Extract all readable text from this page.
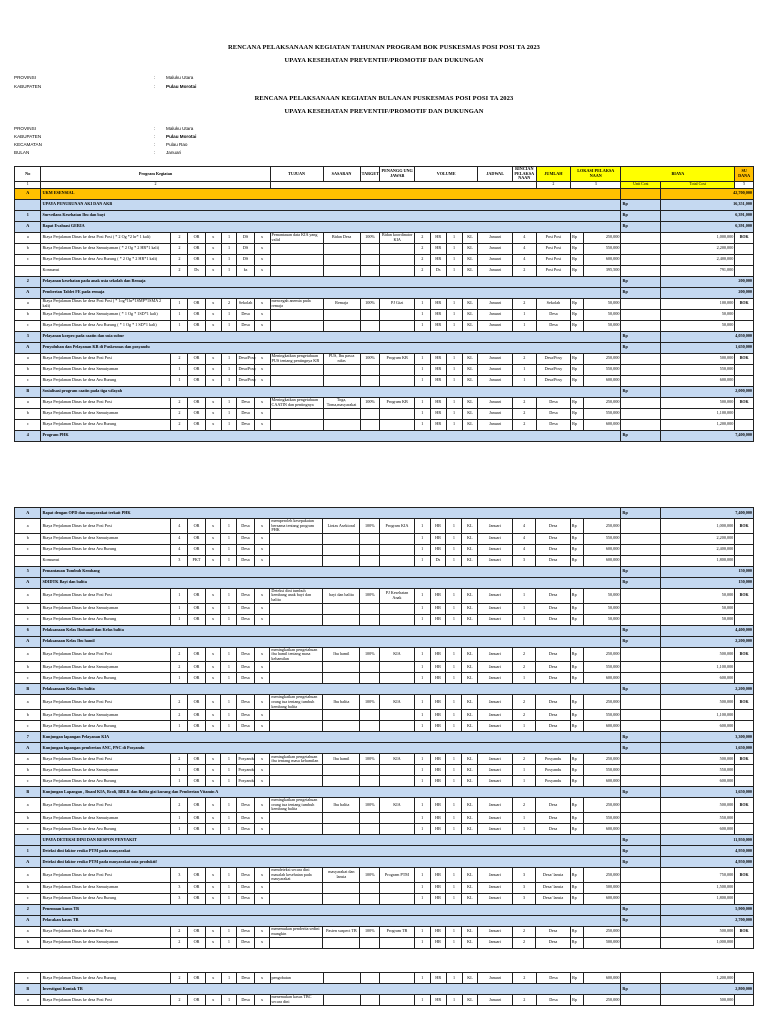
RENCANA PELAKSANAAN KEGIATAN TAHUNAN PROGRAM BOK PUSKESMAS POSI POSI TA 2023
UPAYA KESEHATAN PREVENTIF/PROMOTIF DAN DUKUNGAN
PROVINSI	: Maluku Utara
KABUPATEN	: Pulau Morotai
RENCANA PELAKSANAAN KEGIATAN BULANAN PUSKESMAS POSI POSI TA 2023
UPAYA KESEHATAN PREVENTIF/PROMOTIF DAN DUKUNGAN
PROVINSI	: Maluku Utara
KABUPATEN	: Pulau Morotai
KECAMATAN	: Pulau Rao
BULAN	: Januari
No	Program Kegiatan							TUJUAN	SASARAN	TARGET	PENANGG UNG JAWAB	VOLUME				JADWAL	RINCIAN PELAKSA NAAN	JUMLAH	LOKASI PELAKSA NAAN		BIAYA		SU DANA
1	2																	2	3		Unit Cost	Total Cost	5
A	UKM ESENSIAL																					42,700,000	
	UPAYA PENURUNAN AKI DAN AKB																				Rp	16,351,000	
1	Surveilans Kesehatan Ibu dan bayi																				Rp	6,391,000	
A	Rapat Evaluasi GERIA																				Rp	6,391,000	
a	Biaya Perjalanan Dinas ke desa Posi Posi ( * 2 Og *2 hr* 1 kali)	2	OR	x	1	DS	x	Pemantauan data KIA yang valid	Bidan Desa	100%	Bidan koordinator KIA	2	HR	1	KL	Januari	4	Posi Posi	Rp	250,000		1,000,000	BOK
b	Biaya Perjalanan Dinas ke desa Samuiyaman ( * 2 Og * 2 HR*1 kali)	2	OR	x	1	DS	x					2	HR	1	KL	Januari	4	Posi Posi	Rp	550,000		2,200,000	
c	Biaya Perjalanan Dinas ke desa Aru Burung ( * 2 Og * 2 HR*1 kali)	2	OR	x	1	DS	x					2	HR	1	KL	Januari	4	Posi Posi	Rp	600,000		2,400,000	
	Konsumsi	2	Ds	x	1	ks	x					2	Ds	1	KL	Januari	2	Posi Posi	Rp	395,500		791,000	
2	Pelayanan kesehatan pada anak usia sekolah dan Remaja																				Rp	200,000	
A	Pemberian Tablet FE pada remaja																				Rp	200,000	
a	Biaya Perjalanan Dinas ke desa Posi Posi ( * 1og*1hr*1SMP*1SMA 2 kali)	1	OR	x	2	Sekolah	x	mencegah anemia pada remaja	Remaja	100%	PJ Gizi	1	HR	1	KL	Januari	2	Sekolah	Rp	50,000		100,000	BOK
b	Biaya Perjalanan Dinas ke desa Samuiyaman ( * 1 Og * 1SD*1 kali)	1	OR	x	1	Desa	x					1	HR	1	KL	Januari	1	Desa	Rp	50,000		50,000	
c	Biaya Perjalanan Dinas ke desa Aru Burung ( * 1 Og * 1 SD*1 kali)	1	OR	x	1	Desa	x					1	HR	1	KL	Januari	1	Desa	Rp	50,000		50,000	
3	Pelayanan korpro pada caatin dan usia subur																				Rp	4,050,000	
A	Penyuluhan dan Pelayanan KB di Puskesmas dan posyandu																				Rp	1,650,000	
a	Biaya Perjalanan Dinas ke desa Posi Posi	2	OR	x	1	Desa/Posy	x	Meningkatkan pengetahuan PUS tentang pentingnya KB	PUS, Ibu pasca nifas	100%	Program KB	1	HR	1	KL	Januari	2	Desa/Posy	Rp	250,000		500,000	BOK
b	Biaya Perjalanan Dinas ke desa Samuiyaman	1	OR	x	1	Desa/Posy	x					1	HR	1	KL	Januari	1	Desa/Posy	Rp	550,000		550,000	
c	Biaya Perjalanan Dinas ke desa Aru Burung	1	OR	x	1	Desa/Posy	x					1	HR	1	KL	Januari	1	Desa/Posy	Rp	600,000		600,000	
B	Sosialisasi program caatin pada tiga wilayah																				Rp	2,000,000	
a	Biaya Perjalanan Dinas ke desa Posi Posi	2	OR	x	1	Desa	x	Meningkatkan pengetahuan CAATIN dan pentingnya	Toga, Toma,masyarakat	100%	Program KB	1	HR	1	KL	Januari	2	Desa	Rp	250,000		500,000	BOK
b	Biaya Perjalanan Dinas ke desa Samuiyaman	2	OR	x	1	Desa	x					1	HR	1	KL	Januari	2	Desa	Rp	550,000		1,100,000	
c	Biaya Perjalanan Dinas ke desa Aru Burung	2	OR	x	1	Desa	x					1	HR	1	KL	Januari	2	Desa	Rp	600,000		1,200,000	
4	Program PHK																				Rp	7,400,000	
A	Rapat dengan OPD dan masyarakat terkait PHK																				Rp	7,400,000	
a	Biaya Perjalanan Dinas ke desa Posi Posi	4	OR	x	1	Desa	x	memperoleh kesepakatan bersama tentang program PHK	Lintas Asektoral	100%	Program KIA	1	HR	1	KL	Januari	4	Desa	Rp	250,000		1,000,000	BOK
b	Biaya Perjalanan Dinas ke desa Samuiyaman	4	OR	x	1	Desa	x					1	HR	1	KL	Januari	4	Desa	Rp	550,000		2,200,000	
c	Biaya Perjalanan Dinas ke desa Aru Burung	4	OR	x	1	Desa	x					1	HR	1	KL	Januari	4	Desa	Rp	600,000		2,400,000	
	Konsumsi	3	PKT	x	1	Desa	x					1	Ds	1	KL	Januari	3	Desa	Rp	600,000		1,800,000	
5	Pemantauan Tumbuh Kembang																				Rp	150,000	
A	SDIDTK Bayi dan balita																				Rp	150,000	
a	Biaya Perjalanan Dinas ke desa Posi Posi	1	OR	x	1	Desa	x	Deteksi dini tumbuh kembang anak bayi dan balita	bayi dan balita	100%	PJ Kesehatan Anak	1	HR	1	KL	Januari	1	Desa	Rp	50,000		50,000	BOK
b	Biaya Perjalanan Dinas ke desa Samuiyaman	1	OR	x	1	Desa	x					1	HR	1	KL	Januari	1	Desa	Rp	50,000		50,000	
c	Biaya Perjalanan Dinas ke desa Aru Burung	1	OR	x	1	Desa	x					1	HR	1	KL	Januari	1	Desa	Rp	50,000		50,000	
6	Pelaksanaan Kelas Ibuhamil dan Kelas balita																				Rp	4,400,000	
A	Pelaksanaan Kelas Ibu hamil																				Rp	2,200,000	
a	Biaya Perjalanan Dinas ke desa Posi Posi	2	OR	x	1	Desa	x	meningkatkan pengetahuan ibu hamil tentang masa kehamilan	Ibu hamil	100%	KIA	1	HR	1	KL	Januari	2	Desa	Rp	250,000		500,000	BOK
b	Biaya Perjalanan Dinas ke desa Samuiyaman	2	OR	x	1	Desa	x					1	HR	1	KL	Januari	2	Desa	Rp	550,000		1,100,000	
c	Biaya Perjalanan Dinas ke desa Aru Burung	1	OR	x	1	Desa	x					1	HR	1	KL	Januari	1	Desa	Rp	600,000		600,000	
B	Pelaksanaan Kelas Ibu balita																				Rp	2,200,000	
a	Biaya Perjalanan Dinas ke desa Posi Posi	2	OR	x	1	Desa	x	meningkatkan pengetahuan orang tua tentang tumbuh kembang balita	Ibu balita	100%	KIA	1	HR	1	KL	Januari	2	Desa	Rp	250,000		500,000	BOK
b	Biaya Perjalanan Dinas ke desa Samuiyaman	2	OR	x	1	Desa	x					1	HR	1	KL	Januari	2	Desa	Rp	550,000		1,100,000	
c	Biaya Perjalanan Dinas ke desa Aru Burung	1	OR	x	1	Desa	x					1	HR	1	KL	Januari	1	Desa	Rp	600,000		600,000	
7	Kunjungan lapangan Pelayanan KIA																				Rp	3,300,000	
A	Kunjungan lapangan pemberian ANC, PNC di Posyandu																				Rp	1,650,000	
a	Biaya Perjalanan Dinas ke desa Posi Posi	2	OR	x	1	Posyandu	x	meningkatkan pengetahuan ibu tentang masa kehamilan	Ibu hamil	100%	KIA	1	HR	1	KL	Januari	2	Posyandu	Rp	250,000		500,000	BOK
b	Biaya Perjalanan Dinas ke desa Samuiyaman	1	OR	x	1	Posyandu	x					1	HR	1	KL	Januari	1	Posyandu	Rp	550,000		550,000	
c	Biaya Perjalanan Dinas ke desa Aru Burung	1	OR	x	1	Posyandu	x					1	HR	1	KL	Januari	1	Posyandu	Rp	600,000		600,000	
B	Kunjungan Lapangan , Buanl KIA, Bcoli, BBLR dan Balita gizi kurang dan Pemberian Vitamin A																				Rp	1,650,000	
a	Biaya Perjalanan Dinas ke desa Posi Posi	2	OR	x	1	Desa	x	meningkatkan pengetahuan orang tua tentang tumbuh kembang balita	Ibu balita	100%	KIA	1	HR	1	KL	Januari	2	Desa	Rp	250,000		500,000	BOK
b	Biaya Perjalanan Dinas ke desa Samuiyaman	1	OR	x	1	Desa	x					1	HR	1	KL	Januari	1	Desa	Rp	550,000		550,000	
c	Biaya Perjalanan Dinas ke desa Aru Burung	1	OR	x	1	Desa	x					1	HR	1	KL	Januari	1	Desa	Rp	600,000		600,000	
	UPAYA DETEKSI DINI DAN RESPON PENYAKIT																				Rp	11,950,000	
1	Deteksi dini faktor resiko PTM pada masyarakat																				Rp	4,950,000	
A	Deteksi dini faktor resiko PTM pada masyarakat usia produktif																				Rp	4,950,000	
a	Biaya Perjalanan Dinas ke desa Posi Posi	3	OR	x	1	Desa	x	mendeteksi secara dini masalah kesehatan pada masyarakat	masyarakat dan lansia	100%	Program PTM	1	HR	1	KL	Januari	3	Desa/ lansia	Rp	250,000		750,000	BOK
b	Biaya Perjalanan Dinas ke desa Samuiyaman	3	OR	x	1	Desa	x					1	HR	1	KL	Januari	3	Desa/ lansia	Rp	500,000		1,500,000	
c	Biaya Perjalanan Dinas ke desa Aru Burung	3	OR	x	1	Desa	x					1	HR	1	KL	Januari	3	Desa/ lansia	Rp	600,000		1,800,000	
2	Penemuan kasus TB																				Rp	5,900,000	
A	Pelacakan kasus TB																				Rp	2,700,000	
a	Biaya Perjalanan Dinas ke desa Posi Posi	2	OR	x	1	Desa	x	menemukan penderita sedini mungkin	Pasien suspect TB	100%	Program TB	1	HR	1	KL	Januari	2	Desa	Rp	250,000		500,000	BOK
b	Biaya Perjalanan Dinas ke desa Samuiyaman	2	OR	x	1	Desa	x					1	HR	1	KL	Januari	2	Desa	Rp	500,000		1,000,000	
c	Biaya Perjalanan Dinas ke desa Aru Burung	2	OR	x	1	Desa	x	pengobatan				1	HR	1	KL	Januari	2	Desa	Rp	600,000		1,200,000	
B	Investigasi Kontak TB																				Rp	2,800,000	
a	Biaya Perjalanan Dinas ke desa Posi Posi	2	OR	x	1	Desa	x	menemukan kasus TBC secara dini				1	HR	1	KL	Januari	2	Desa	Rp	250,000		500,000	
